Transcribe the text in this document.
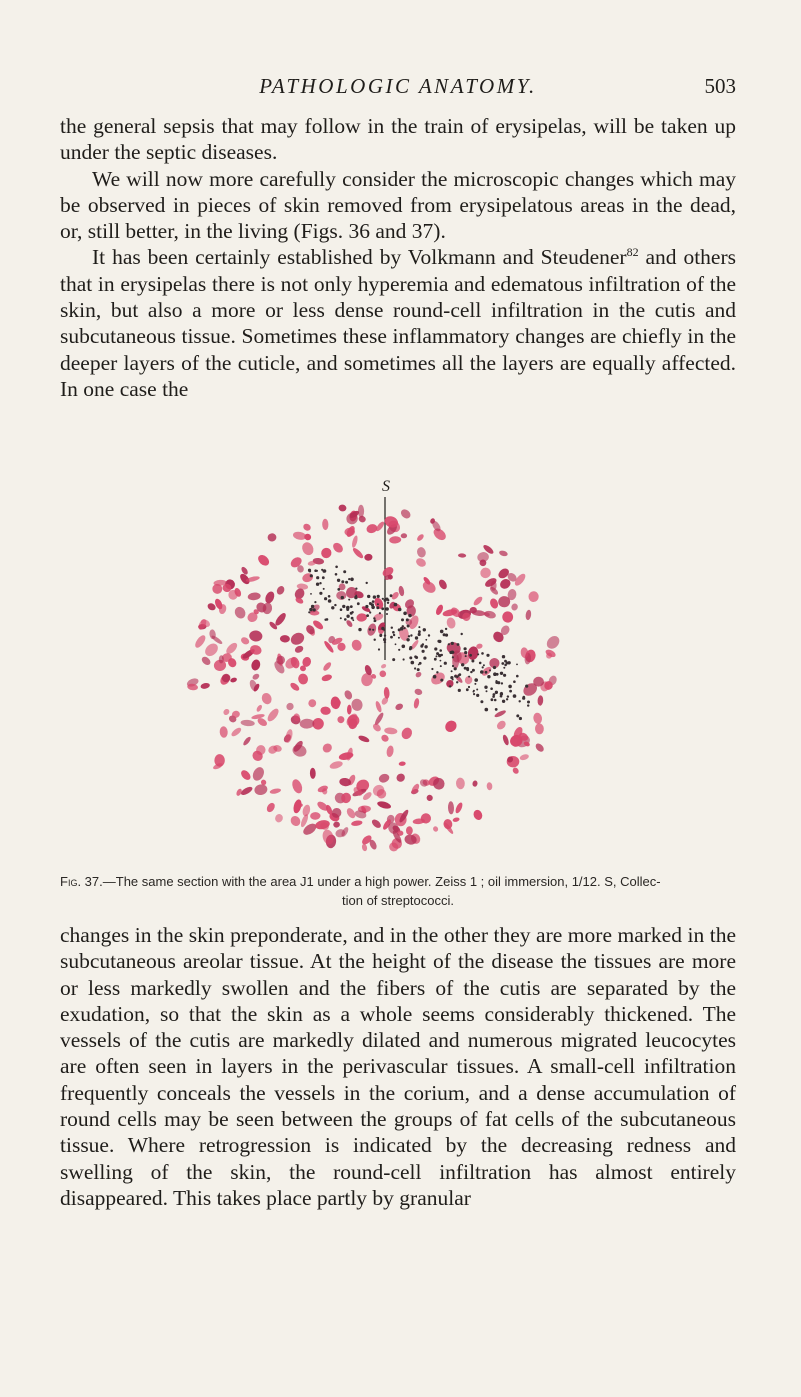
PATHOLOGIC ANATOMY.	503

the general sepsis that may follow in the train of erysipelas, will be taken up under the septic diseases.

We will now more carefully consider the microscopic changes which may be observed in pieces of skin removed from erysipelatous areas in the dead, or, still better, in the living (Figs. 36 and 37).

It has been certainly established by Volkmann and Steudener$^{82}$ and others that in erysipelas there is not only hyperemia and edematous infiltration of the skin, but also a more or less dense round-cell infiltration in the cutis and subcutaneous tissue. Sometimes these inflammatory changes are chiefly in the deeper layers of the cuticle, and sometimes all the layers are equally affected. In one case the

S
Fig. 37.—The same section with the area J1 under a high power. Zeiss 1 ; oil immersion, 1/12. S, Collec-
tion of streptococci.

changes in the skin preponderate, and in the other they are more marked in the subcutaneous areolar tissue. At the height of the disease the tissues are more or less markedly swollen and the fibers of the cutis are separated by the exudation, so that the skin as a whole seems considerably thickened. The vessels of the cutis are markedly dilated and numerous migrated leucocytes are often seen in layers in the perivascular tissues. A small-cell infiltration frequently conceals the vessels in the corium, and a dense accumulation of round cells may be seen between the groups of fat cells of the subcutaneous tissue. Where retrogression is indicated by the decreasing redness and swelling of the skin, the round-cell infiltration has almost entirely disappeared. This takes place partly by granular
